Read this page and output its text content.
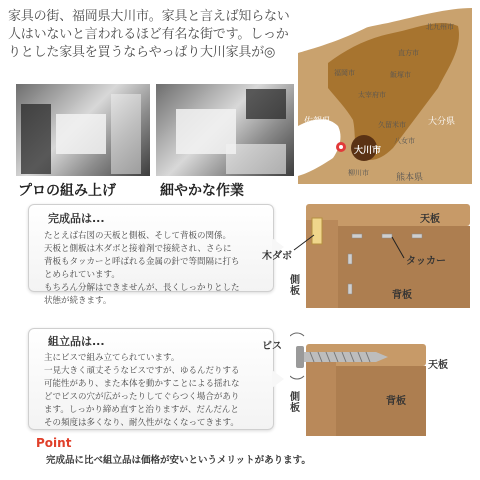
家具の街、福岡県大川市。家具と言えば知らない人はいないと言われるほど有名な街です。しっかりとした家具を買うならやっぱり大川家具が◎
プロの組み上げ	細やかな作業
北九州市
福岡市
直方市
飯塚市
太宰府市
久留米市
八女市
柳川市
佐賀県	大分県
熊本県
大川市
完成品は...
たとえば右図の天板と側板、そして背板の関係。
天板と側板は木ダボと接着剤で接続され、さらに
背板もタッカーと呼ばれる金属の針で等間隔に打ち
とめられています。
もちろん分解はできませんが、長くしっかりとした
状態が続きます。
天板
木ダボ	タッカー
側板	背板
組立品は...
主にビスで組み立てられています。
一見大きく頑丈そうなビスですが、ゆるんだりする
可能性があり、また本体を動かすことによる揺れな
どでビスの穴が広がったりしてぐらつく場合があり
ます。しっかり締め直すと治りますが、だんだんと
その頻度は多くなり、耐久性がなくなってきます。
ビス
天板
側板
背板
Point
完成品に比べ組立品は価格が安いというメリットがあります。
